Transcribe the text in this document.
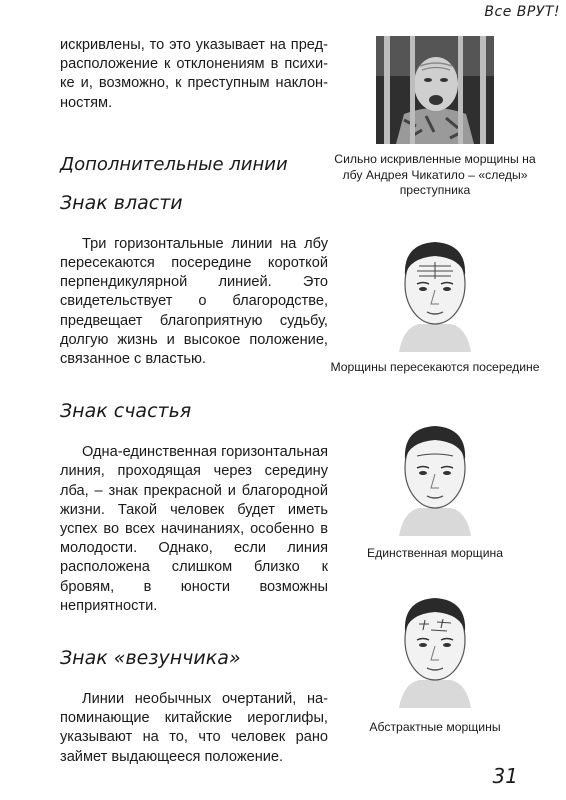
Все ВРУТ!

искривлены, то это указывает на предрасположение к отклонениям в психике и, возможно, к преступным наклонностям.

Дополнительные линии
Знак власти

Три горизонтальные линии на лбу пересекаются посередине короткой перпендикулярной линией. Это свидетельствует о благородстве, предвещает благоприятную судьбу, долгую жизнь и высокое положение, связанное с властью.

Знак счастья

Одна-единственная горизонтальная линия, проходящая через середину лба, – знак прекрасной и благородной жизни. Такой человек будет иметь успех во всех начинаниях, особенно в молодости. Однако, если линия расположена слишком близко к бровям, в юности возможны неприятности.

Знак «везунчика»

Линии необычных очертаний, напоминающие китайские иероглифы, указывают на то, что человек рано займет выдающееся положение.

Сильно искривленные морщины на лбу Андрея Чикатило – «следы» преступника

Морщины пересекаются посередине

Единственная морщина

Абстрактные морщины

31
